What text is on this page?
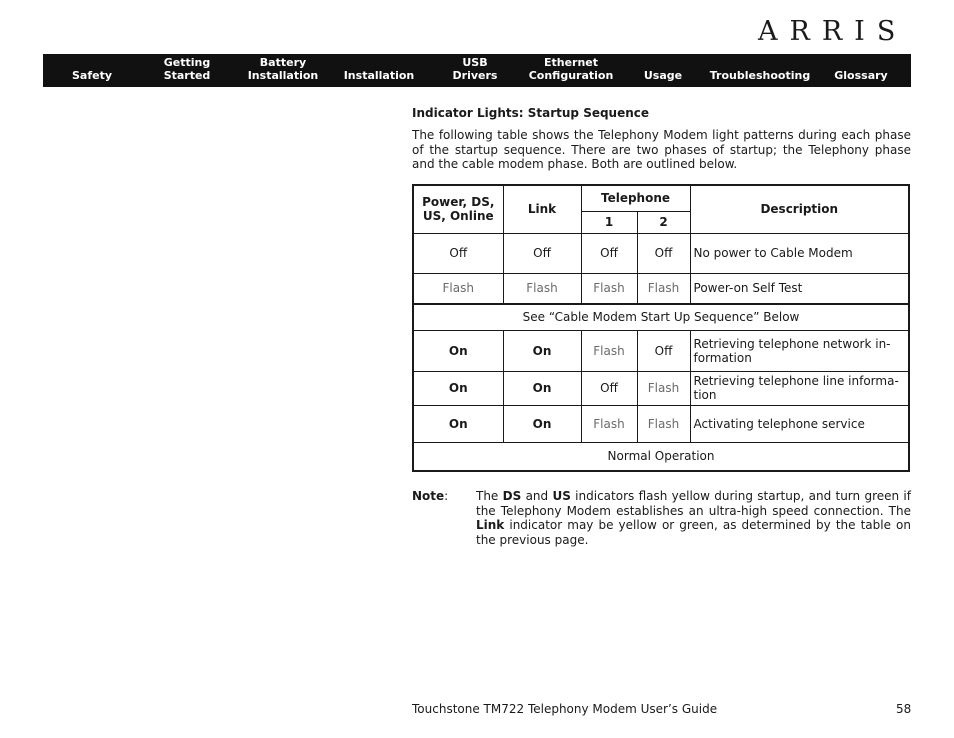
ARRIS

Safety
Getting
Started
Battery
Installation Installation
USB
Drivers
Ethernet
Configuration	Usage	Troubleshooting Glossary
Indicator Lights: Startup Sequence

The following table shows the Telephony Modem light patterns during each phase of the startup sequence. There are two phases of startup; the Telephony phase and the cable modem phase. Both are outlined below.

Power, DS,
US, Online	Link	Telephone		Description
		1	2	
Off	Off	Off	Off	No power to Cable Modem
Flash	Flash	Flash	Flash	Power-on Self Test
See “Cable Modem Start Up Sequence” Below				
On	On	Flash	Off	Retrieving telephone network in-
formation
On	On	Off	Flash	Retrieving telephone line informa-
tion
On	On	Flash	Flash	Activating telephone service
Normal Operation				
Note: The DS and US indicators flash yellow during startup, and turn green if the Telephony Modem establishes an ultra-high speed connection. The Link indicator may be yellow or green, as determined by the table on the previous page.
Touchstone TM722 Telephony Modem User’s Guide	58
